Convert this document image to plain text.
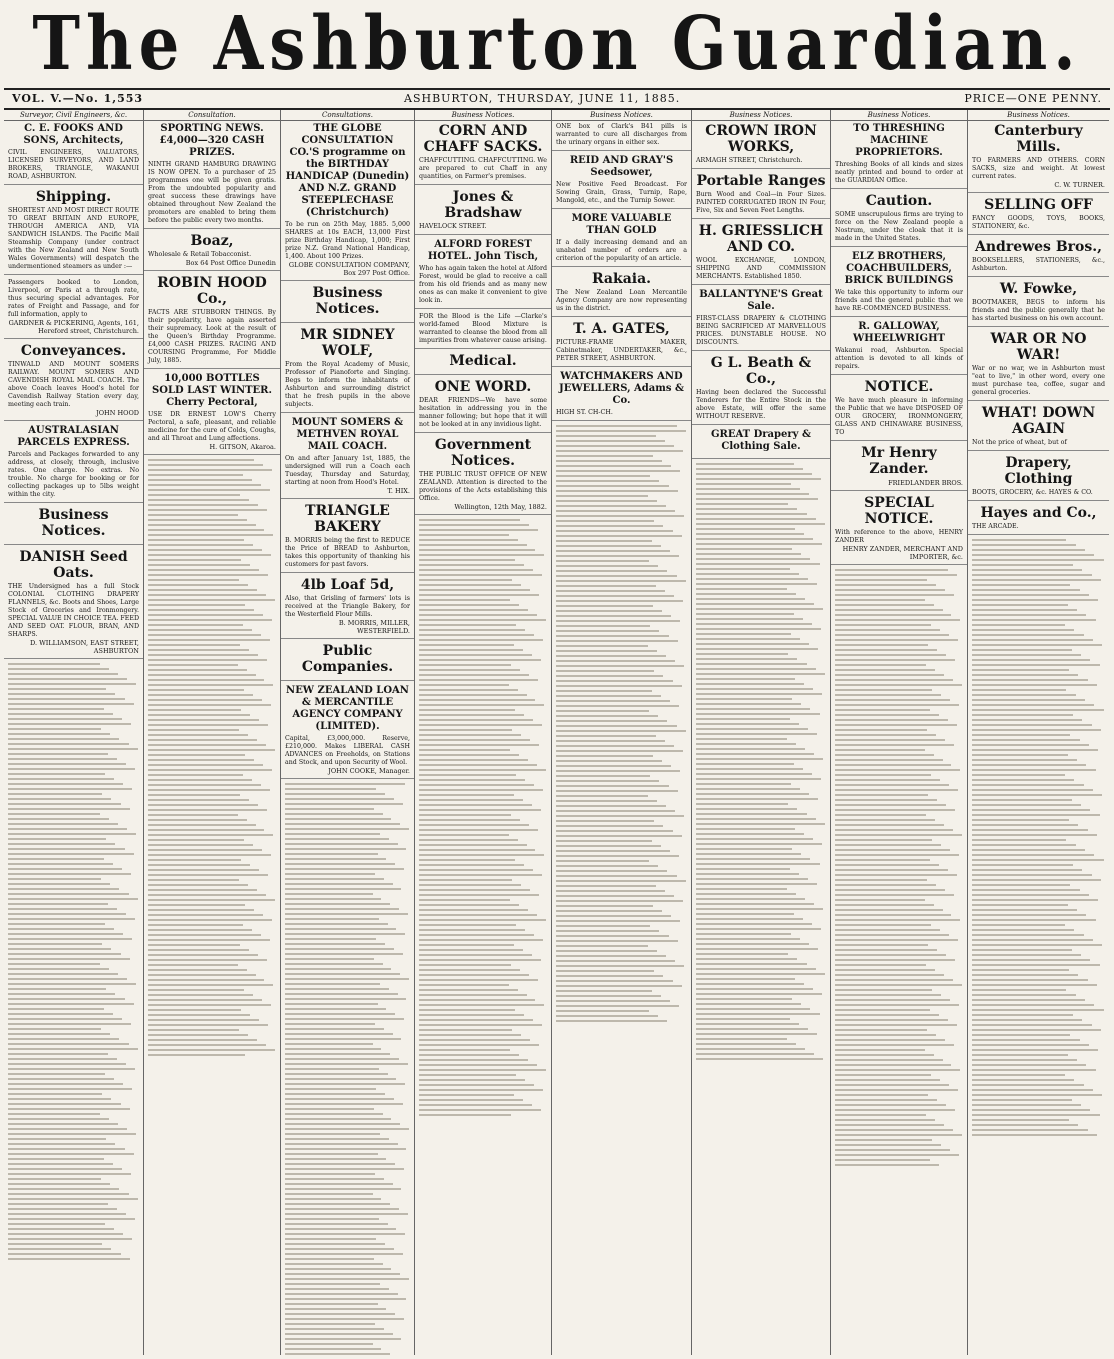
The Ashburton Guardian.
VOL. V.—No. 1,553	ASHBURTON, THURSDAY, JUNE 11, 1885.	PRICE—ONE PENNY.
Surveyor, Civil Engineers, &c.
C. E. FOOKS AND SONS, Architects,
CIVIL ENGINEERS, VALUATORS, LICENSED SURVEYORS, AND LAND BROKERS, TRIANGLE, WAKANUI ROAD, ASHBURTON.
Shipping.
SHORTEST AND MOST DIRECT ROUTE TO GREAT BRITAIN AND EUROPE, THROUGH AMERICA AND, VIA SANDWICH ISLANDS. The Pacific Mail Steamship Company (under contract with the New Zealand and New South Wales Governments) will despatch the undermentioned steamers as under :—
Passengers booked to London, Liverpool, or Paris at a through rate, thus securing special advantages. For rates of Freight and Passage, and for full information, apply to
GARDNER & PICKERING, Agents, 161, Hereford street, Christchurch.
Conveyances.
TINWALD AND MOUNT SOMERS RAILWAY. MOUNT SOMERS AND CAVENDISH ROYAL MAIL COACH. The above Coach leaves Hood's hotel for Cavendish Railway Station every day, meeting each train.
JOHN HOOD
AUSTRALASIAN PARCELS EXPRESS.
Parcels and Packages forwarded to any address, at closely, through, inclusive rates. One charge. No extras. No trouble. No charge for booking or for collecting packages up to 5lbs weight within the city.
Business Notices.
DANISH Seed Oats.
THE Undersigned has a full Stock COLONIAL CLOTHING DRAPERY FLANNELS, &c. Boots and Shoes, Large Stock of Groceries and Ironmongery. SPECIAL VALUE IN CHOICE TEA. FEED AND SEED OAT. FLOUR, BRAN, AND SHARPS.
D. WILLIAMSON, EAST STREET, ASHBURTON
Consultation.
SPORTING NEWS. £4,000—320 CASH PRIZES.
NINTH GRAND HAMBURG DRAWING IS NOW OPEN. To a purchaser of 25 programmes one will be given gratis. From the undoubted popularity and great success these drawings have obtained throughout New Zealand the promoters are enabled to bring them before the public every two months.
Boaz,
Wholesale & Retail Tobacconist.
Box 64 Post Office Dunedin
ROBIN HOOD Co.,
FACTS ARE STUBBORN THINGS. By their popularity, have again asserted their supremacy. Look at the result of the Queen's Birthday Programme. £4,000 CASH PRIZES. RACING AND COURSING Programme, For Middle July, 1885.
10,000 BOTTLES SOLD LAST WINTER. Cherry Pectoral,
USE DR ERNEST LOW'S Cherry Pectoral, a safe, pleasant, and reliable medicine for the cure of Colds, Coughs, and all Throat and Lung affections.
H. GITSON, Akaroa.
Consultations.
THE GLOBE CONSULTATION CO.'S programme on the BIRTHDAY HANDICAP (Dunedin) AND N.Z. GRAND STEEPLECHASE (Christchurch)
To be run on 25th May, 1885. 5,000 SHARES at 10s EACH, 13,000 First prize Birthday Handicap, 1,000; First prize N.Z. Grand National Handicap, 1,400. About 100 Prizes.
GLOBE CONSULTATION COMPANY, Box 297 Post Office.
Business Notices.
MR SIDNEY WOLF,
From the Royal Academy of Music, Professor of Pianoforte and Singing. Begs to inform the inhabitants of Ashburton and surrounding district that he fresh pupils in the above subjects.
MOUNT SOMERS & METHVEN ROYAL MAIL COACH.
On and after January 1st, 1885, the undersigned will run a Coach each Tuesday, Thursday and Saturday, starting at noon from Hood's Hotel.
T. HIX.
TRIANGLE BAKERY
B. MORRIS being the first to REDUCE the Price of BREAD to Ashburton, takes this opportunity of thanking his customers for past favors.
4lb Loaf 5d,
Also, that Grisling of farmers' lots is received at the Triangle Bakery, for the Westerfield Flour Mills.
B. MORRIS, MILLER, WESTERFIELD.
Public Companies.
NEW ZEALAND LOAN & MERCANTILE AGENCY COMPANY (LIMITED).
Capital, £3,000,000. Reserve, £210,000. Makes LIBERAL CASH ADVANCES on Freeholds, on Stations and Stock, and upon Security of Wool.
JOHN COOKE, Manager.
Business Notices.
CORN AND CHAFF SACKS.
CHAFFCUTTING. CHAFFCUTTING. We are prepared to cut Chaff in any quantities, on Farmer's premises.
Jones & Bradshaw
HAVELOCK STREET.
ALFORD FOREST HOTEL. John Tisch,
Who has again taken the hotel at Alford Forest, would be glad to receive a call from his old friends and as many new ones as can make it convenient to give look in.
FOR the Blood is the Life —Clarke's world-famed Blood Mixture is warranted to cleanse the blood from all impurities from whatever cause arising.
Medical.
ONE WORD.
DEAR FRIENDS—We have some hesitation in addressing you in the manner following; but hope that it will not be looked at in any invidious light.
Government Notices.
THE PUBLIC TRUST OFFICE OF NEW ZEALAND. Attention is directed to the provisions of the Acts establishing this Office.
Wellington, 12th May, 1882.
Business Notices.
ONE box of Clark's B41 pills is warranted to cure all discharges from the urinary organs in either sex.
REID AND GRAY'S Seedsower,
New Positive Feed Broadcast. For Sowing Grain, Grass, Turnip, Rape, Mangold, etc., and the Turnip Sower.
MORE VALUABLE THAN GOLD
If a daily increasing demand and an unabated number of orders are a criterion of the popularity of an article.
Rakaia.
The New Zealand Loan Mercantile Agency Company are now representing us in the district.
T. A. GATES,
PICTURE-FRAME MAKER, Cabinetmaker, UNDERTAKER, &c., PETER STREET, ASHBURTON.
WATCHMAKERS AND JEWELLERS, Adams & Co.
HIGH ST. CH-CH.
Business Notices.
CROWN IRON WORKS,
ARMAGH STREET, Christchurch.
Portable Ranges
Burn Wood and Coal—in Four Sizes. PAINTED CORRUGATED IRON IN Four, Five, Six and Seven Feet Lengths.
H. GRIESSLICH AND CO.
WOOL EXCHANGE, LONDON, SHIPPING AND COMMISSION MERCHANTS. Established 1850.
BALLANTYNE'S Great Sale.
FIRST-CLASS DRAPERY & CLOTHING BEING SACRIFICED AT MARVELLOUS PRICES. DUNSTABLE HOUSE. NO DISCOUNTS.
G L. Beath & Co.,
Having been declared the Successful Tenderers for the Entire Stock in the above Estate, will offer the same WITHOUT RESERVE.
GREAT Drapery & Clothing Sale.
Business Notices.
TO THRESHING MACHINE PROPRIETORS.
Threshing Books of all kinds and sizes neatly printed and bound to order at the GUARDIAN Office.
Caution.
SOME unscrupulous firms are trying to force on the New Zealand people a Nostrum, under the cloak that it is made in the United States.
ELZ BROTHERS, COACHBUILDERS, BRICK BUILDINGS
We take this opportunity to inform our friends and the general public that we have RE-COMMENCED BUSINESS.
R. GALLOWAY, WHEELWRIGHT
Wakanui road, Ashburton. Special attention is devoted to all kinds of repairs.
NOTICE.
We have much pleasure in informing the Public that we have DISPOSED OF OUR GROCERY, IRONMONGERY, GLASS AND CHINAWARE BUSINESS, TO
Mr Henry Zander.
FRIEDLANDER BROS.
SPECIAL NOTICE.
With reference to the above, HENRY ZANDER
HENRY ZANDER, MERCHANT AND IMPORTER, &c.
Business Notices.
Canterbury Mills.
TO FARMERS AND OTHERS. CORN SACKS, size and weight. At lowest current rates.
C. W. TURNER.
SELLING OFF
FANCY GOODS, TOYS, BOOKS, STATIONERY, &c.
Andrewes Bros.,
BOOKSELLERS, STATIONERS, &c., Ashburton.
W. Fowke,
BOOTMAKER, BEGS to inform his friends and the public generally that he has started business on his own account.
WAR OR NO WAR!
War or no war, we in Ashburton must "eat to live," in other word, every one must purchase tea, coffee, sugar and general groceries.
WHAT! DOWN AGAIN
Not the price of wheat, but of
Drapery, Clothing
BOOTS, GROCERY, &c. HAYES & CO.
Hayes and Co.,
THE ARCADE.
